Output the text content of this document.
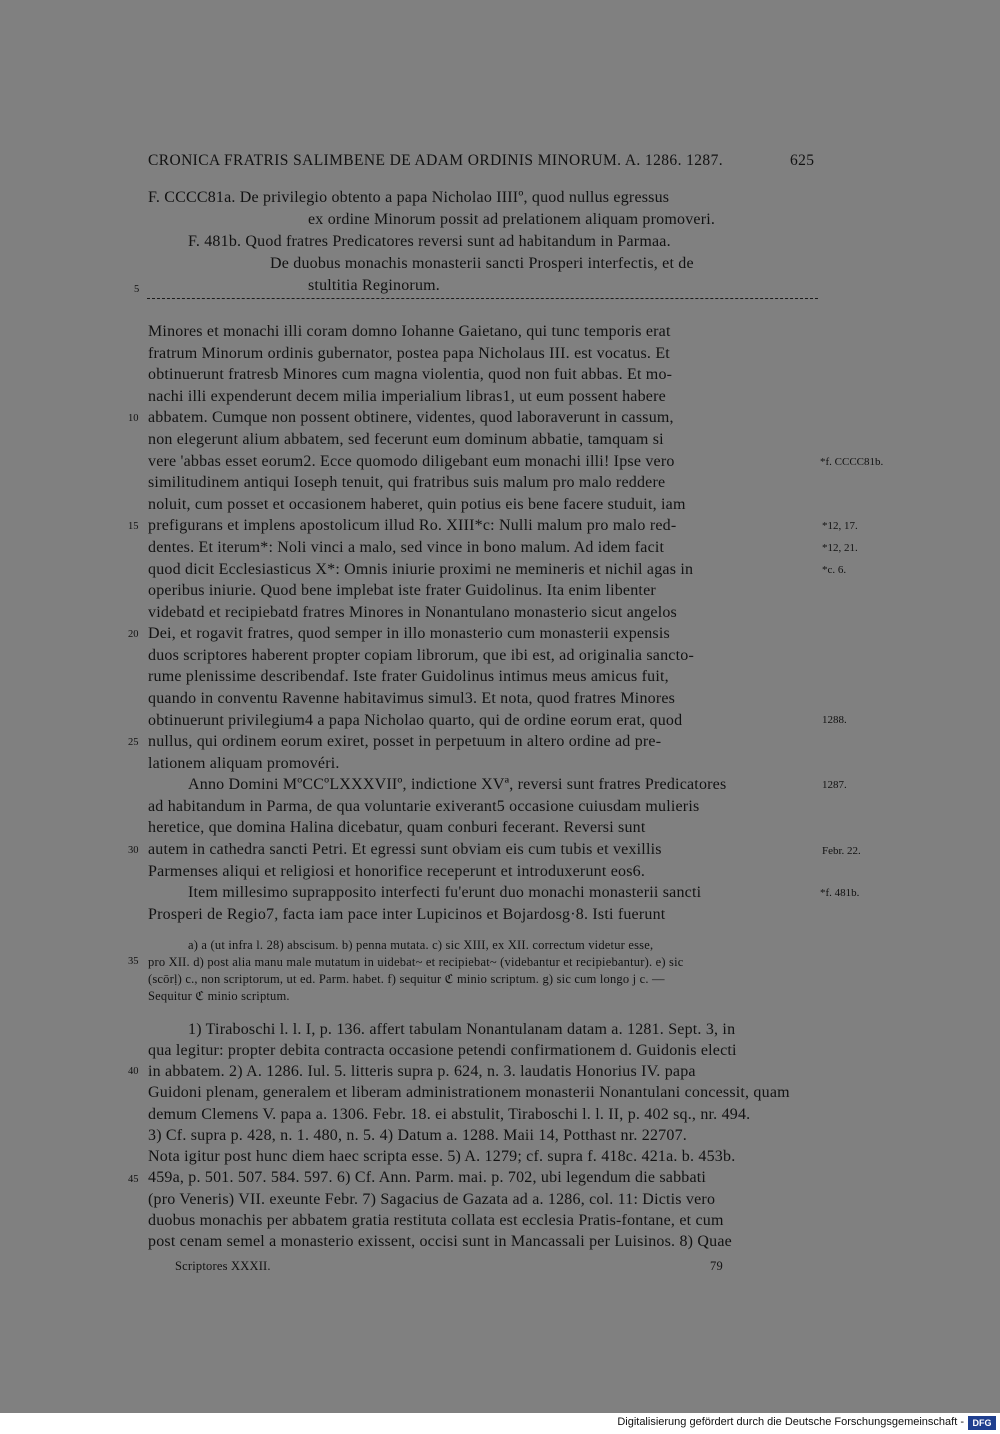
CRONICA FRATRIS SALIMBENE DE ADAM ORDINIS MINORUM. A. 1286. 1287.	625
F. CCCC81a. De privilegio obtento a papa Nicholao IIIIº, quod nullus egressus
ex ordine Minorum possit ad prelationem aliquam promoveri.
F. 481b. Quod fratres Predicatores reversi sunt ad habitandum in Parmaa.
De duobus monachis monasterii sancti Prosperi interfectis, et de
stultitia Reginorum.
Minores et monachi illi coram domno Iohanne Gaietano, qui tunc temporis erat
fratrum Minorum ordinis gubernator, postea papa Nicholaus III. est vocatus. Et
obtinuerunt fratresb Minores cum magna violentia, quod non fuit abbas. Et mo-
nachi illi expenderunt decem milia imperialium libras1, ut eum possent habere
abbatem. Cumque non possent obtinere, videntes, quod laboraverunt in cassum,
non elegerunt alium abbatem, sed fecerunt eum dominum abbatie, tamquam si
vere 'abbas esset eorum2. Ecce quomodo diligebant eum monachi illi! Ipse vero
similitudinem antiqui Ioseph tenuit, qui fratribus suis malum pro malo reddere
noluit, cum posset et occasionem haberet, quin potius eis bene facere studuit, iam
prefigurans et implens apostolicum illud Ro. XIII*c: Nulli malum pro malo red-
dentes. Et iterum*: Noli vinci a malo, sed vince in bono malum. Ad idem facit
quod dicit Ecclesiasticus X*: Omnis iniurie proximi ne memineris et nichil agas in
operibus iniurie. Quod bene implebat iste frater Guidolinus. Ita enim libenter
videbatd et recipiebatd fratres Minores in Nonantulano monasterio sicut angelos
Dei, et rogavit fratres, quod semper in illo monasterio cum monasterii expensis
duos scriptores haberent propter copiam librorum, que ibi est, ad originalia sancto-
rume plenissime describendaf. Iste frater Guidolinus intimus meus amicus fuit,
quando in conventu Ravenne habitavimus simul3. Et nota, quod fratres Minores
obtinuerunt privilegium4 a papa Nicholao quarto, qui de ordine eorum erat, quod
nullus, qui ordinem eorum exiret, posset in perpetuum in altero ordine ad pre-
lationem aliquam promovéri.
Anno Domini MºCCºLXXXVIIº, indictione XVª, reversi sunt fratres Predicatores
ad habitandum in Parma, de qua voluntarie exiverant5 occasione cuiusdam mulieris
heretice, que domina Halina dicebatur, quam conburi fecerant. Reversi sunt
autem in cathedra sancti Petri. Et egressi sunt obviam eis cum tubis et vexillis
Parmenses aliqui et religiosi et honorifice receperunt et introduxerunt eos6.
Item millesimo suprapposito interfecti fu'erunt duo monachi monasterii sancti
Prosperi de Regio7, facta iam pace inter Lupicinos et Bojardosg·8. Isti fuerunt
*f. CCCC81b.
*12, 17.
*12, 21.
*c. 6.
1288.
1287.
Febr. 22.
*f. 481b.
5
10
15
20
25
30
35
40
45
a) a (ut infra l. 28) abscisum. b) penna mutata. c) sic XIII, ex XII. correctum videtur esse,
pro XII. d) post alia manu male mutatum in uidebat~ et recipiebat~ (videbantur et recipiebantur). e) sic
(scōrḷ) c., non scriptorum, ut ed. Parm. habet. f) sequitur ℭ minio scriptum. g) sic cum longo j c. —
Sequitur ℭ minio scriptum.
1) Tiraboschi l. l. I, p. 136. affert tabulam Nonantulanam datam a. 1281. Sept. 3, in
qua legitur: propter debita contracta occasione petendi confirmationem d. Guidonis electi
in abbatem. 2) A. 1286. Iul. 5. litteris supra p. 624, n. 3. laudatis Honorius IV. papa
Guidoni plenam, generalem et liberam administrationem monasterii Nonantulani concessit, quam
demum Clemens V. papa a. 1306. Febr. 18. ei abstulit, Tiraboschi l. l. II, p. 402 sq., nr. 494.
3) Cf. supra p. 428, n. 1. 480, n. 5. 4) Datum a. 1288. Maii 14, Potthast nr. 22707.
Nota igitur post hunc diem haec scripta esse. 5) A. 1279; cf. supra f. 418c. 421a. b. 453b.
459a, p. 501. 507. 584. 597. 6) Cf. Ann. Parm. mai. p. 702, ubi legendum die sabbati
(pro Veneris) VII. exeunte Febr. 7) Sagacius de Gazata ad a. 1286, col. 11: Dictis vero
duobus monachis per abbatem gratia restituta collata est ecclesia Pratis-fontane, et cum
post cenam semel a monasterio exissent, occisi sunt in Mancassali per Luisinos. 8) Quae
Scriptores XXXII.	79
Digitalisierung gefördert durch die Deutsche Forschungsgemeinschaft - DFG
